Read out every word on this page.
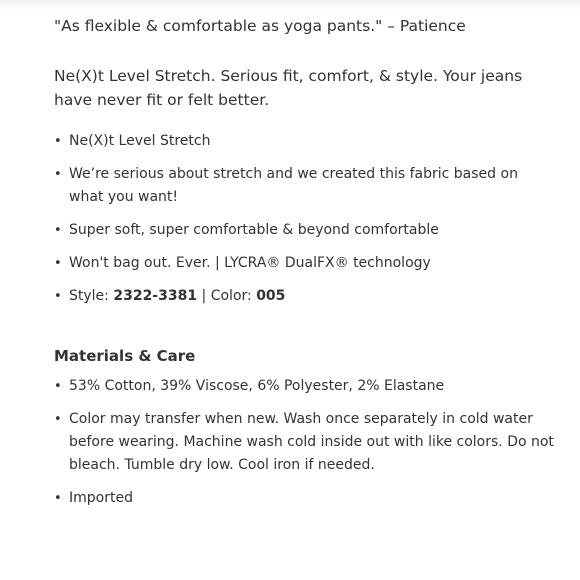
"As flexible & comfortable as yoga pants." – Patience

Ne(X)t Level Stretch. Serious fit, comfort, & style. Your jeans have never fit or felt better.

• Ne(X)t Level Stretch
• We’re serious about stretch and we created this fabric based on what you want!
• Super soft, super comfortable & beyond comfortable
• Won't bag out. Ever. | LYCRA® DualFX® technology
• Style: 2322-3381 | Color: 005
Materials & Care
• 53% Cotton, 39% Viscose, 6% Polyester, 2% Elastane
• Color may transfer when new. Wash once separately in cold water before wearing. Machine wash cold inside out with like colors. Do not bleach. Tumble dry low. Cool iron if needed.
• Imported
